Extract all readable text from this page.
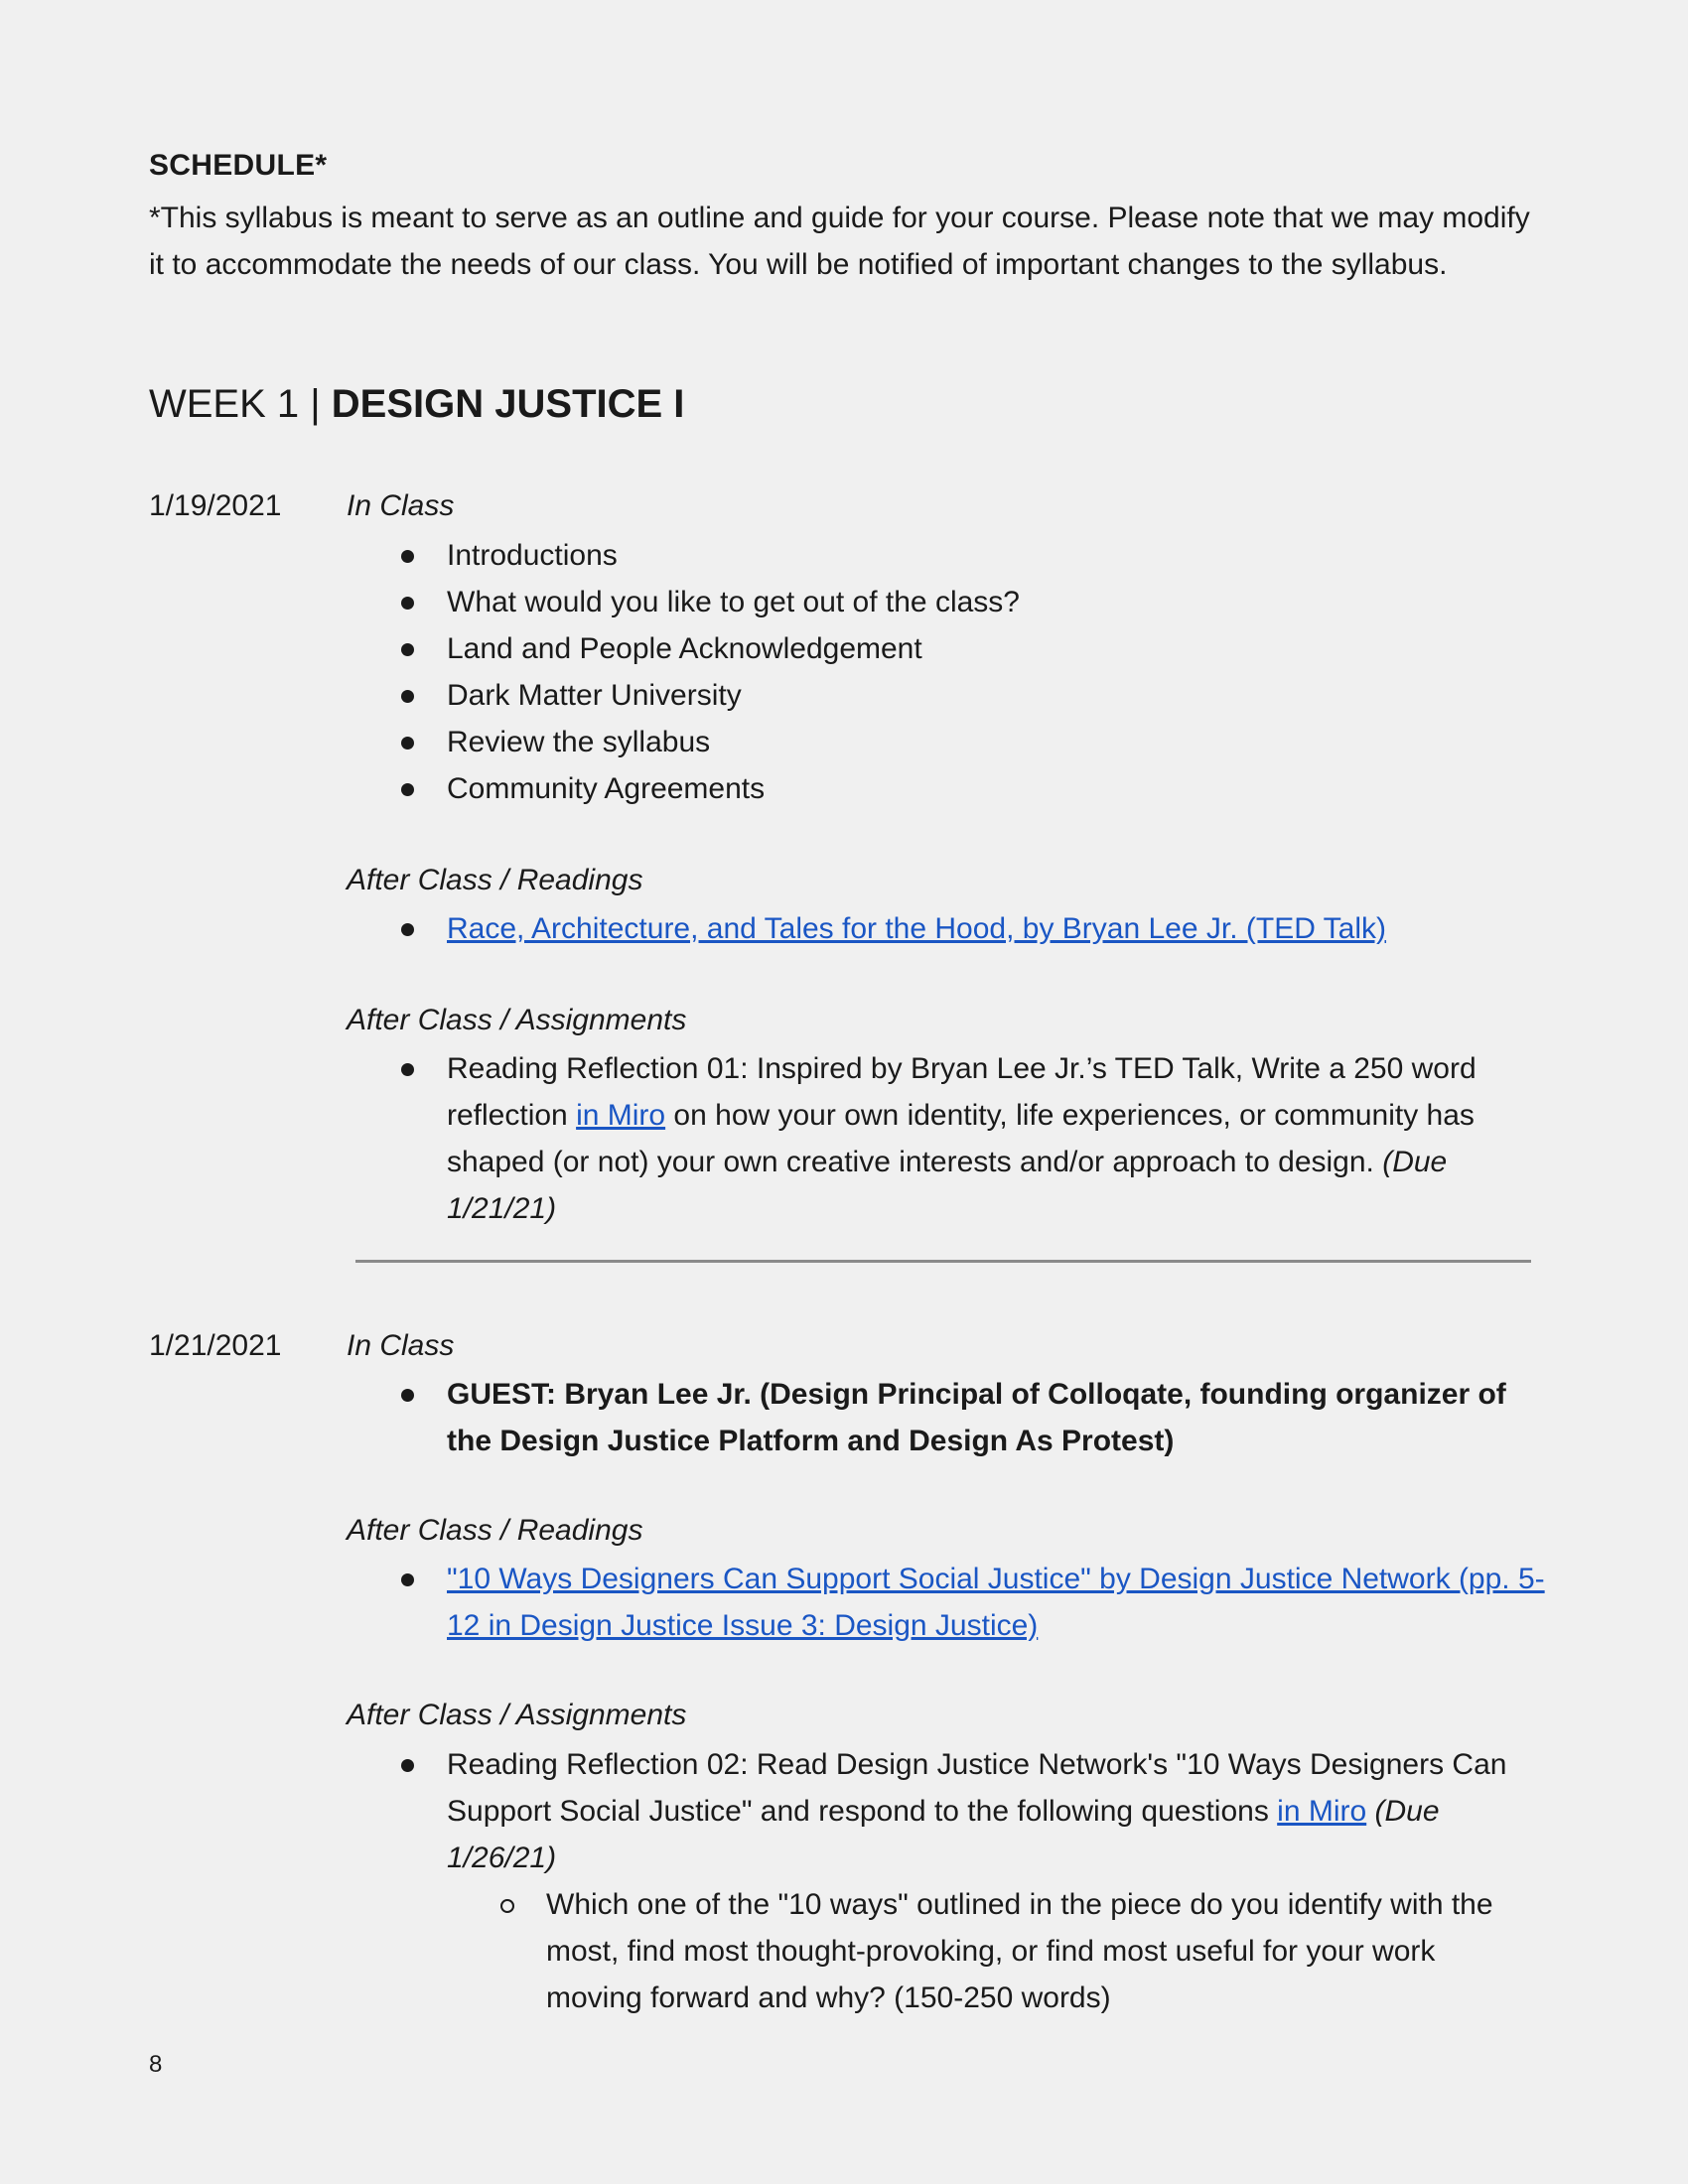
SCHEDULE*
*This syllabus is meant to serve as an outline and guide for your course. Please note that we may modify it to accommodate the needs of our class. You will be notified of important changes to the syllabus.
WEEK 1 | DESIGN JUSTICE I
1/19/2021 In Class
Introductions
What would you like to get out of the class?
Land and People Acknowledgement
Dark Matter University
Review the syllabus
Community Agreements
After Class / Readings
Race, Architecture, and Tales for the Hood, by Bryan Lee Jr. (TED Talk)
After Class / Assignments
Reading Reflection 01: Inspired by Bryan Lee Jr.’s TED Talk, Write a 250 word reflection in Miro on how your own identity, life experiences, or community has shaped (or not) your own creative interests and/or approach to design. (Due 1/21/21)
1/21/2021 In Class
GUEST: Bryan Lee Jr. (Design Principal of Colloqate, founding organizer of the Design Justice Platform and Design As Protest)
After Class / Readings
"10 Ways Designers Can Support Social Justice" by Design Justice Network (pp. 5-12 in Design Justice Issue 3: Design Justice)
After Class / Assignments
Reading Reflection 02: Read Design Justice Network's "10 Ways Designers Can Support Social Justice" and respond to the following questions in Miro (Due 1/26/21)
Which one of the "10 ways" outlined in the piece do you identify with the most, find most thought-provoking, or find most useful for your work moving forward and why? (150-250 words)
8
